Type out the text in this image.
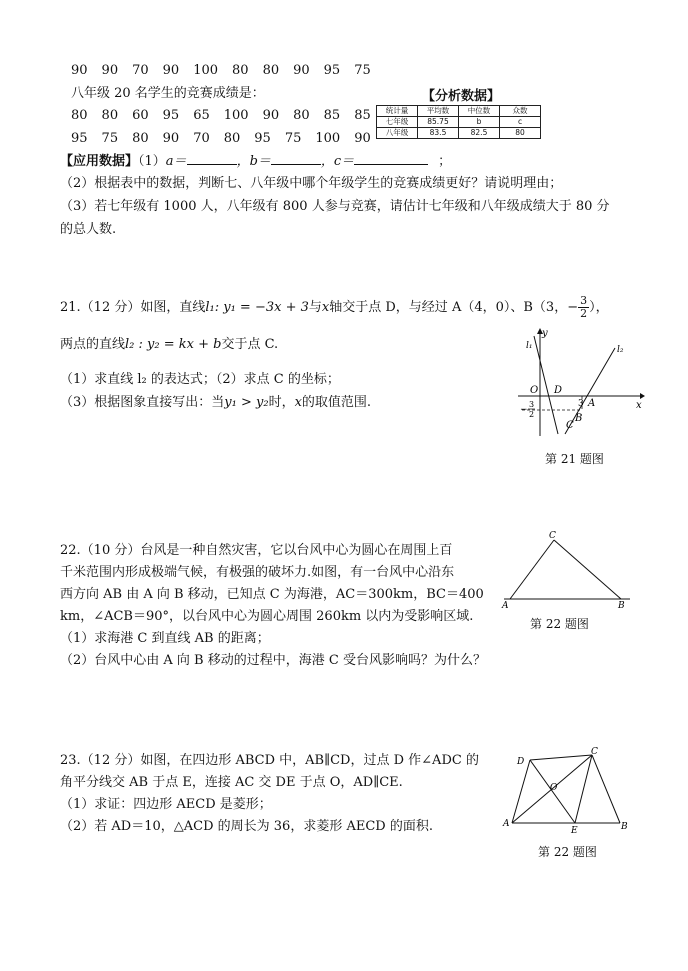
90 90 70 90 100 80 80 90 95 75
八年级 20 名学生的竞赛成绩是：
80 80 60 95 65 100 90 80 85 85
95 75 80 90 70 80 95 75 100 90
【分析数据】
统计量	平均数	中位数	众数
七年级	85.75	b	c
八年级	83.5	82.5	80
【应用数据】（1）a＝	，b＝	，c＝	；
（2）根据表中的数据，判断七、八年级中哪个年级学生的竞赛成绩更好？请说明理由；
（3）若七年级有 1000 人，八年级有 800 人参与竞赛，请估计七年级和八年级成绩大于 80 分
的总人数.
21.（12 分）如图，直线l₁: y₁ = −3x + 3与x轴交于点 D，与经过 A（4，0）、B（3，− $\frac{3}{2}$ ），
两点的直线l₂ : y₂ = kx + b交于点 C.
（1）求直线 l₂ 的表达式；（2）求点 C 的坐标；
（3）根据图象直接写出：当y₁ > y₂时，x的取值范围.
y
x
l₁	l₂
O D
3 A
B
C
−
3
2
第 21 题图
22.（10 分）台风是一种自然灾害，它以台风中心为圆心在周围上百
千米范围内形成极端气候，有极强的破坏力.如图，有一台风中心沿东
西方向 AB 由 A 向 B 移动，已知点 C 为海港，AC＝300km，BC＝400
km，∠ACB＝90°，以台风中心为圆心周围 260km 以内为受影响区域.
（1）求海港 C 到直线 AB 的距离；
（2）台风中心由 A 向 B 移动的过程中，海港 C 受台风影响吗？为什么？
A	B
C
第 22 题图
23.（12 分）如图，在四边形 ABCD 中，AB∥CD，过点 D 作∠ADC 的
角平分线交 AB 于点 E，连接 AC 交 DE 于点 O，AD∥CE.
（1）求证：四边形 AECD 是菱形；
（2）若 AD＝10，△ACD 的周长为 36，求菱形 AECD 的面积.
D
C
A	B
E
O
第 22 题图
